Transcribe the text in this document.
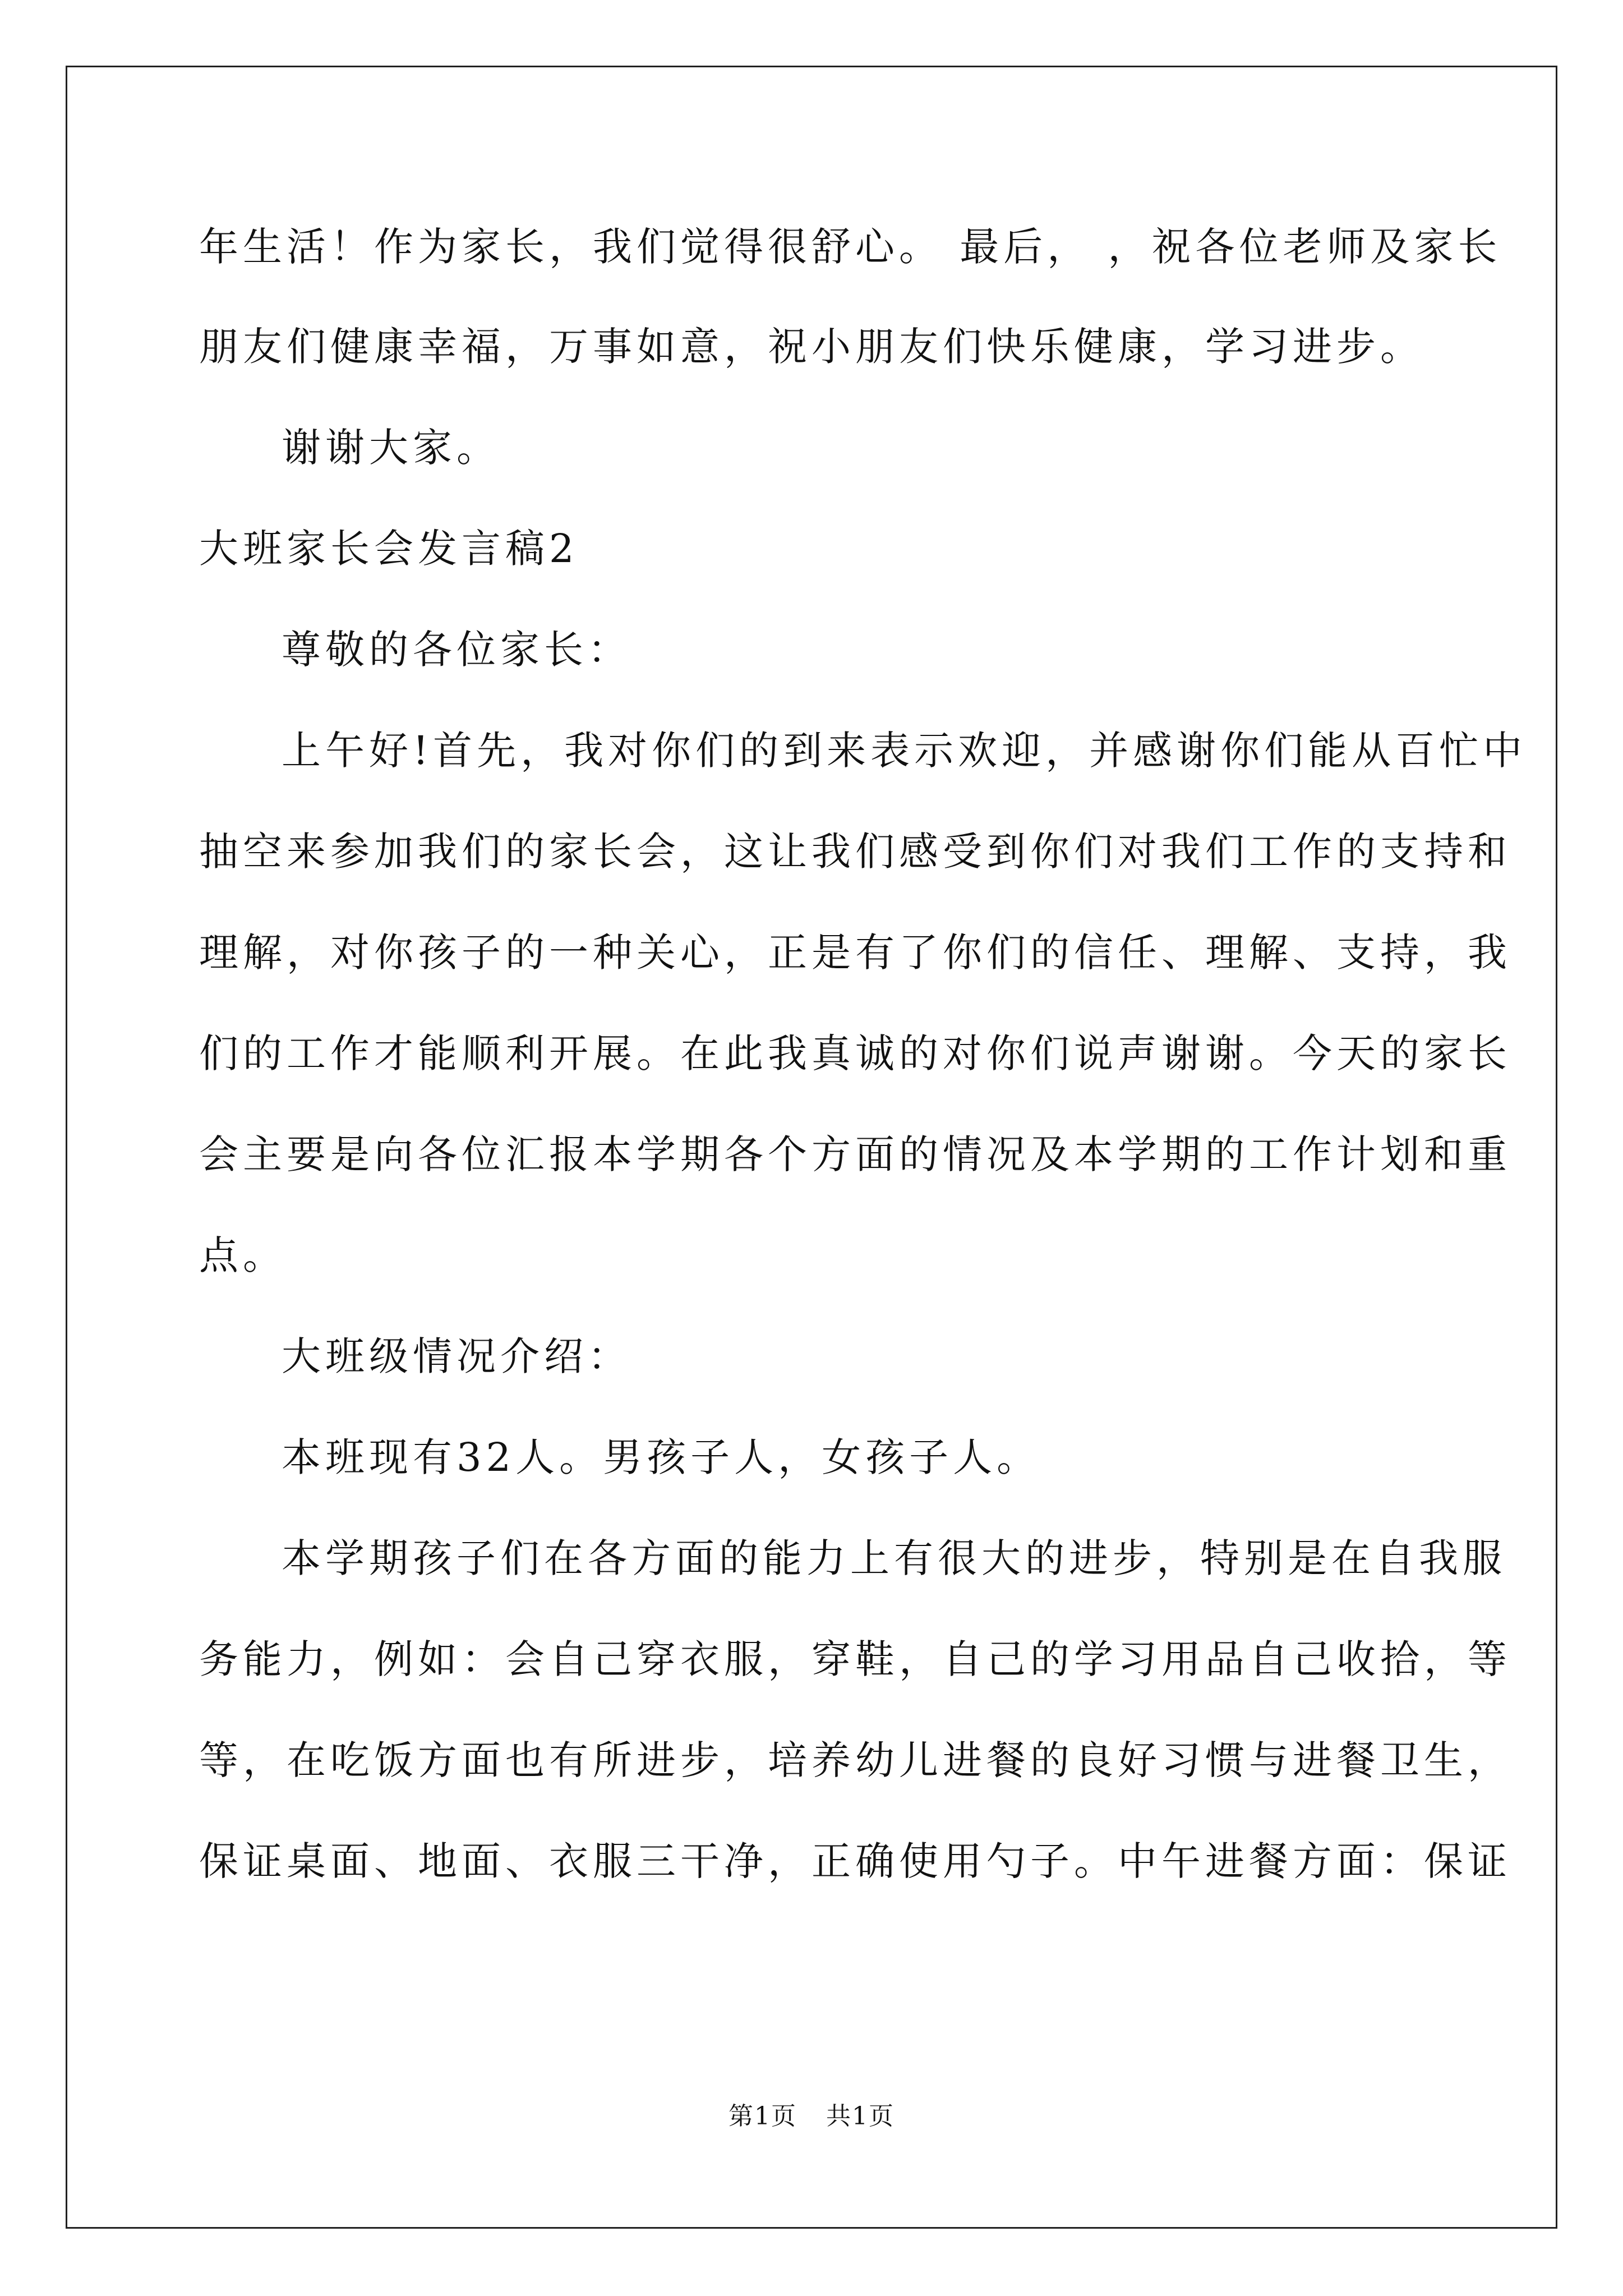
年生活！作为家长，我们觉得很舒心。 最后， ，祝各位老师及家长
朋友们健康幸福，万事如意，祝小朋友们快乐健康，学习进步。
谢谢大家。
大班家长会发言稿2
尊敬的各位家长：
上午好!首先，我对你们的到来表示欢迎，并感谢你们能从百忙中
抽空来参加我们的家长会，这让我们感受到你们对我们工作的支持和
理解，对你孩子的一种关心，正是有了你们的信任、理解、支持，我
们的工作才能顺利开展。在此我真诚的对你们说声谢谢。今天的家长
会主要是向各位汇报本学期各个方面的情况及本学期的工作计划和重
点。
大班级情况介绍：
本班现有32人。男孩子人，女孩子人。
本学期孩子们在各方面的能力上有很大的进步，特别是在自我服
务能力，例如：会自己穿衣服，穿鞋，自己的学习用品自己收拾，等
等，在吃饭方面也有所进步，培养幼儿进餐的良好习惯与进餐卫生，
保证桌面、地面、衣服三干净，正确使用勺子。中午进餐方面：保证
第1页 共1页
